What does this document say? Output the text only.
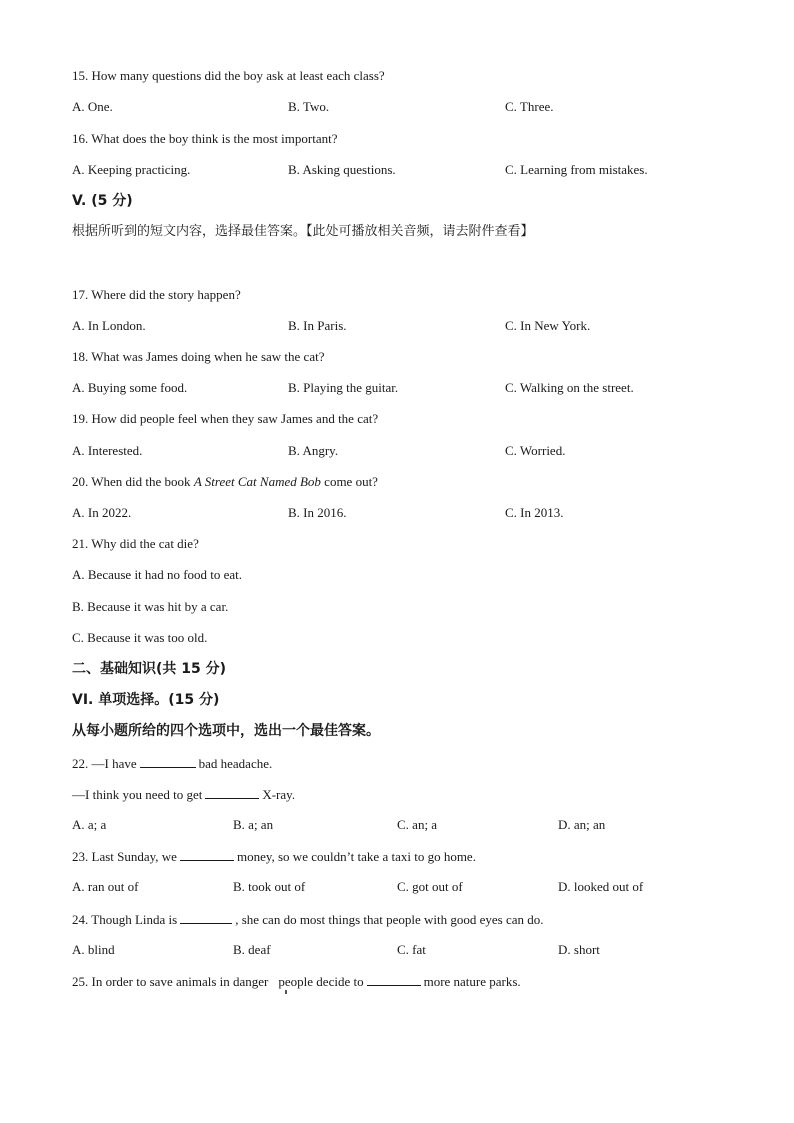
15. How many questions did the boy ask at least each class?
A. One.	B. Two.	C. Three.
16. What does the boy think is the most important?
A. Keeping practicing.	B. Asking questions.	C. Learning from mistakes.
V. (5 分)
根据所听到的短文内容，选择最佳答案。【此处可播放相关音频，请去附件查看】
17. Where did the story happen?
A. In London.	B. In Paris.	C. In New York.
18. What was James doing when he saw the cat?
A. Buying some food.	B. Playing the guitar.	C. Walking on the street.
19. How did people feel when they saw James and the cat?
A. Interested.	B. Angry.	C. Worried.
20. When did the book A Street Cat Named Bob come out?
A. In 2022.	B. In 2016.	C. In 2013.
21. Why did the cat die?
A. Because it had no food to eat.
B. Because it was hit by a car.
C. Because it was too old.
二、基础知识(共 15 分)
VⅠ. 单项选择。(15 分)
从每小题所给的四个选项中，选出一个最佳答案。
22. —I have	bad headache.
—I think you need to get	X-ray.
A. a; a	B. a; an	C. an; a	D. an; an
23. Last Sunday, we	money, so we couldn’t take a taxi to go home.
A. ran out of	B. took out of	C. got out of	D. looked out of
24. Though Linda is	, she can do most things that people with good eyes can do.
A. blind	B. deaf	C. fat	D. short
25. In order to save animals in danger people decide to	more nature parks.
